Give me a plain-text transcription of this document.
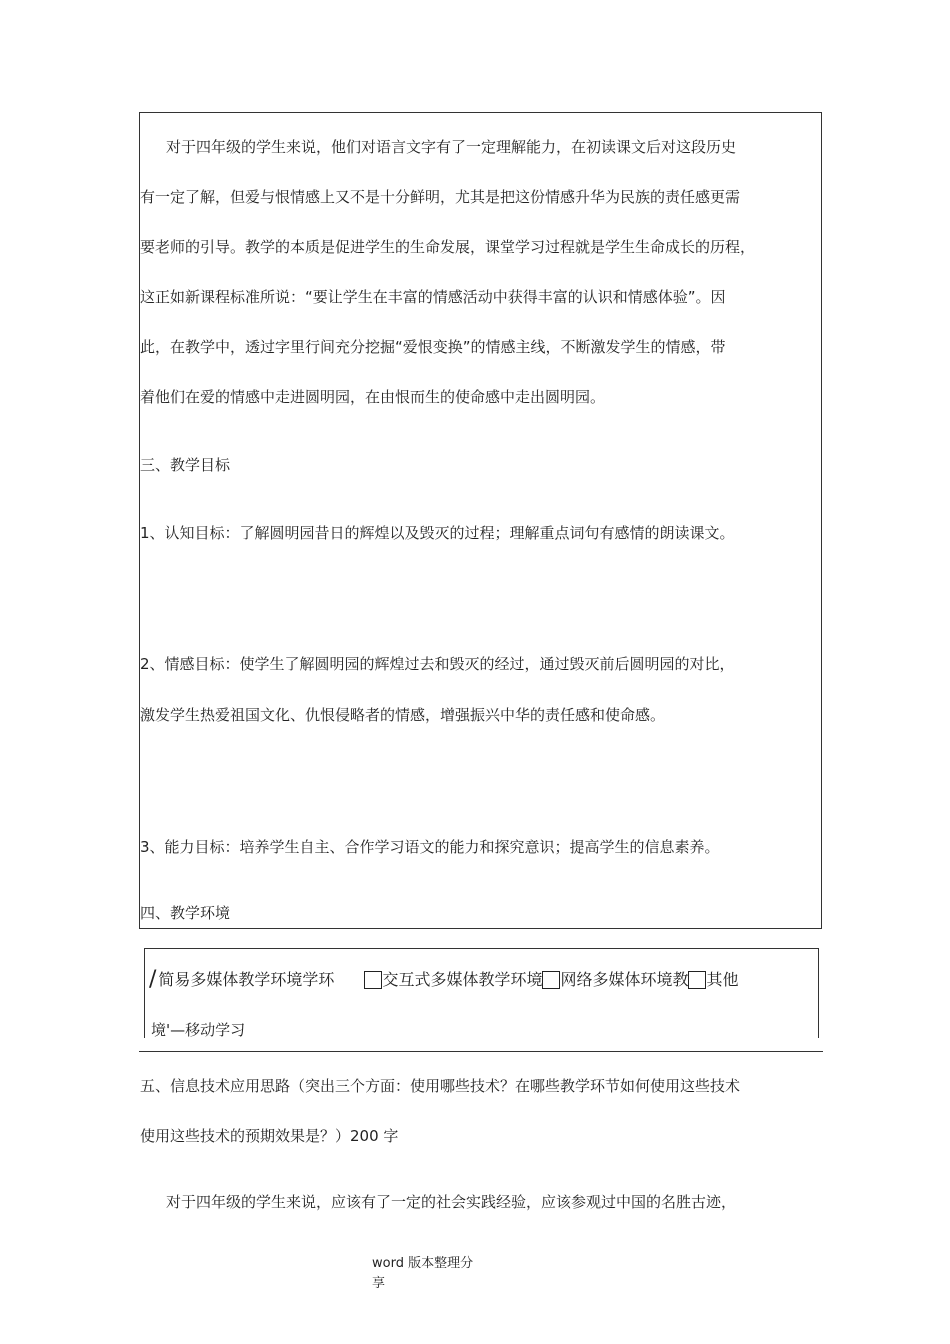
对于四年级的学生来说，他们对语言文字有了一定理解能力，在初读课文后对这段历史
有一定了解，但爱与恨情感上又不是十分鲜明，尤其是把这份情感升华为民族的责任感更需
要老师的引导。教学的本质是促进学生的生命发展，课堂学习过程就是学生生命成长的历程，
这正如新课程标准所说：“要让学生在丰富的情感活动中获得丰富的认识和情感体验”。因
此，在教学中，透过字里行间充分挖掘“爱恨变换”的情感主线，不断激发学生的情感，带
着他们在爱的情感中走进圆明园，在由恨而生的使命感中走出圆明园。
三、教学目标
1、认知目标：了解圆明园昔日的辉煌以及毁灭的过程；理解重点词句有感情的朗读课文。
2、情感目标：使学生了解圆明园的辉煌过去和毁灭的经过，通过毁灭前后圆明园的对比，
激发学生热爱祖国文化、仇恨侵略者的情感，增强振兴中华的责任感和使命感。
3、能力目标：培养学生自主、合作学习语文的能力和探究意识；提高学生的信息素养。
四、教学环境
/ 简易多媒体教学环境学环	交互式多媒体教学环境 网络多媒体环境教 其他
境'—移动学习
五、信息技术应用思路（突出三个方面：使用哪些技术？在哪些教学环节如何使用这些技术
使用这些技术的预期效果是？）200 字
对于四年级的学生来说，应该有了一定的社会实践经验，应该参观过中国的名胜古迹，
word 版本整理分
享
